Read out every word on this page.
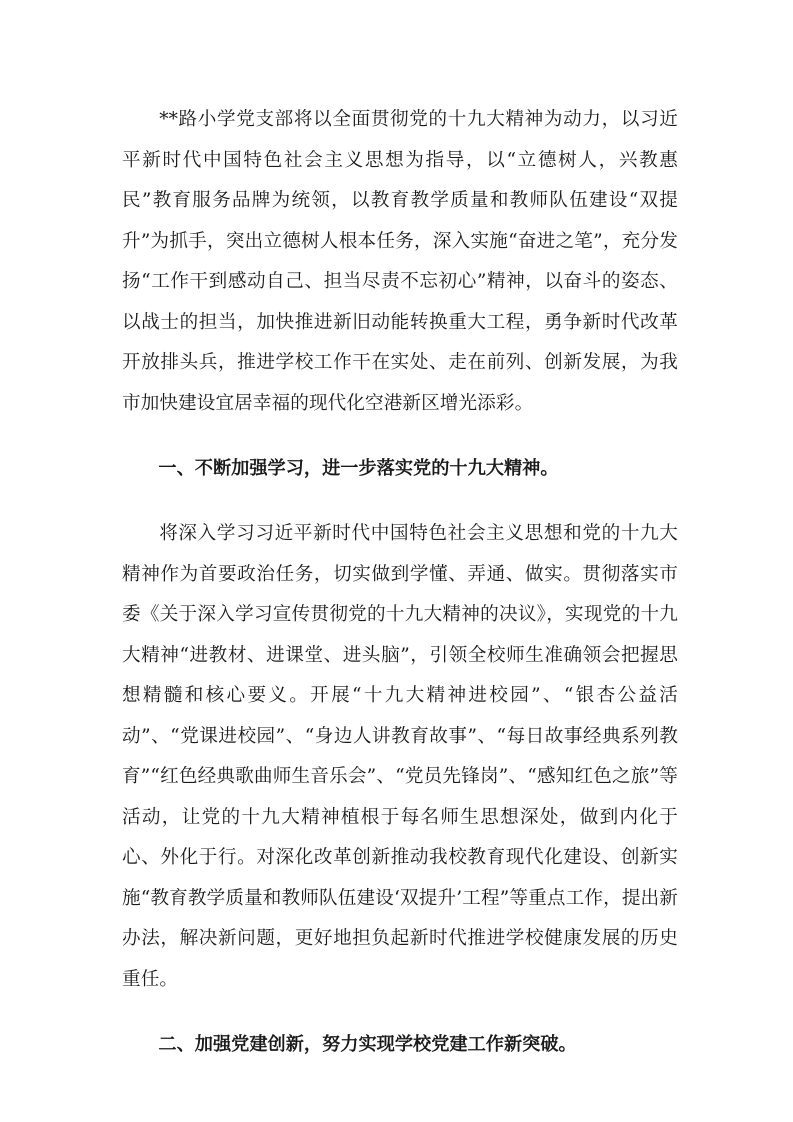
**路小学党支部将以全面贯彻党的十九大精神为动力，以习近平新时代中国特色社会主义思想为指导，以“立德树人，兴教惠民”教育服务品牌为统领，以教育教学质量和教师队伍建设“双提升”为抓手，突出立德树人根本任务，深入实施“奋进之笔”，充分发扬“工作干到感动自己、担当尽责不忘初心”精神，以奋斗的姿态、以战士的担当，加快推进新旧动能转换重大工程，勇争新时代改革开放排头兵，推进学校工作干在实处、走在前列、创新发展，为我市加快建设宜居幸福的现代化空港新区增光添彩。

一、不断加强学习，进一步落实党的十九大精神。

将深入学习习近平新时代中国特色社会主义思想和党的十九大精神作为首要政治任务，切实做到学懂、弄通、做实。贯彻落实市委《关于深入学习宣传贯彻党的十九大精神的决议》，实现党的十九大精神“进教材、进课堂、进头脑”，引领全校师生准确领会把握思想精髓和核心要义。开展“十九大精神进校园”、“银杏公益活动”、“党课进校园”、“身边人讲教育故事”、“每日故事经典系列教育”“红色经典歌曲师生音乐会”、“党员先锋岗”、“感知红色之旅”等活动，让党的十九大精神植根于每名师生思想深处，做到内化于心、外化于行。对深化改革创新推动我校教育现代化建设、创新实施“教育教学质量和教师队伍建设‘双提升’工程”等重点工作，提出新办法，解决新问题，更好地担负起新时代推进学校健康发展的历史重任。

二、加强党建创新，努力实现学校党建工作新突破。
